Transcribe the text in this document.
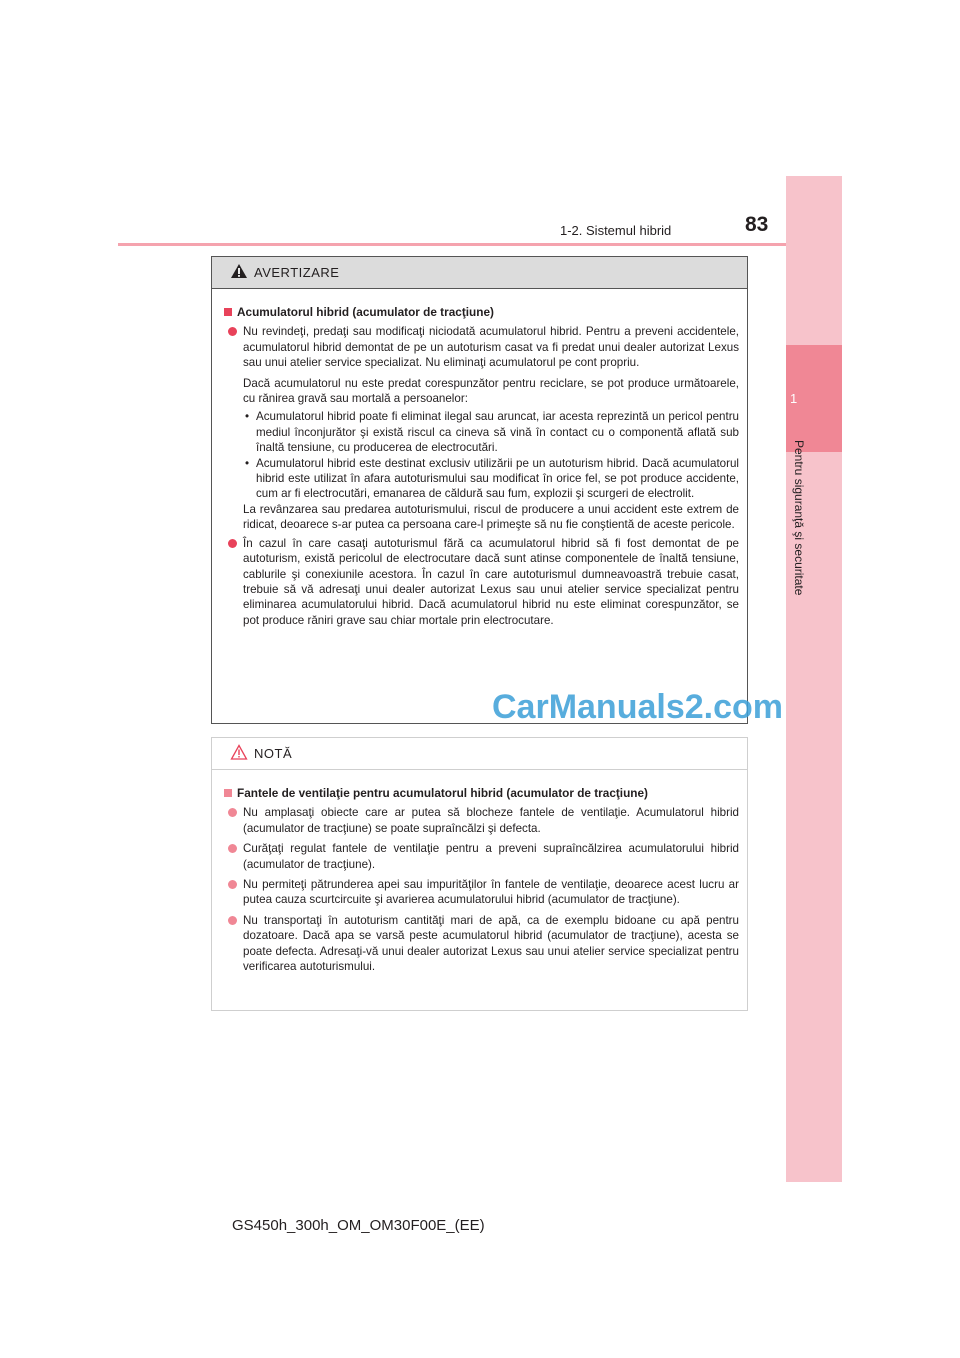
1
Pentru siguranţă şi securitate
1-2. Sistemul hibrid	83
AVERTIZARE
Acumulatorul hibrid (acumulator de tracţiune)
Nu revindeţi, predaţi sau modificaţi niciodată acumulatorul hibrid. Pentru a preveni accidentele, acumulatorul hibrid demontat de pe un autoturism casat va fi predat unui dealer autorizat Lexus sau unui atelier service specializat. Nu eliminaţi acumulatorul pe cont propriu.
Dacă acumulatorul nu este predat corespunzător pentru reciclare, se pot produce următoarele, cu rănirea gravă sau mortală a persoanelor:
• Acumulatorul hibrid poate fi eliminat ilegal sau aruncat, iar acesta reprezintă un pericol pentru mediul înconjurător şi există riscul ca cineva să vină în contact cu o componentă aflată sub înaltă tensiune, cu producerea de electrocutări.
• Acumulatorul hibrid este destinat exclusiv utilizării pe un autoturism hibrid. Dacă acumulatorul hibrid este utilizat în afara autoturismului sau modificat în orice fel, se pot produce accidente, cum ar fi electrocutări, emanarea de căldură sau fum, explozii şi scurgeri de electrolit.
La revânzarea sau predarea autoturismului, riscul de producere a unui accident este extrem de ridicat, deoarece s-ar putea ca persoana care-l primeşte să nu fie conştientă de aceste pericole.
În cazul în care casaţi autoturismul fără ca acumulatorul hibrid să fi fost demontat de pe autoturism, există pericolul de electrocutare dacă sunt atinse componentele de înaltă tensiune, cablurile şi conexiunile acestora. În cazul în care autoturismul dumneavoastră trebuie casat, trebuie să vă adresaţi unui dealer autorizat Lexus sau unui atelier service specializat pentru eliminarea acumulatorului hibrid. Dacă acumulatorul hibrid nu este eliminat corespunzător, se pot produce răniri grave sau chiar mortale prin electrocutare.
CarManuals2.com
NOTĂ
Fantele de ventilaţie pentru acumulatorul hibrid (acumulator de tracţiune)
Nu amplasaţi obiecte care ar putea să blocheze fantele de ventilaţie. Acumulatorul hibrid (acumulator de tracţiune) se poate supraîncălzi şi defecta.
Curăţaţi regulat fantele de ventilaţie pentru a preveni supraîncălzirea acumulatorului hibrid (acumulator de tracţiune).
Nu permiteţi pătrunderea apei sau impurităţilor în fantele de ventilaţie, deoarece acest lucru ar putea cauza scurtcircuite şi avarierea acumulatorului hibrid (acumulator de tracţiune).
Nu transportaţi în autoturism cantităţi mari de apă, ca de exemplu bidoane cu apă pentru dozatoare. Dacă apa se varsă peste acumulatorul hibrid (acumulator de tracţiune), acesta se poate defecta. Adresaţi-vă unui dealer autorizat Lexus sau unui atelier service specializat pentru verificarea autoturismului.
GS450h_300h_OM_OM30F00E_(EE)
